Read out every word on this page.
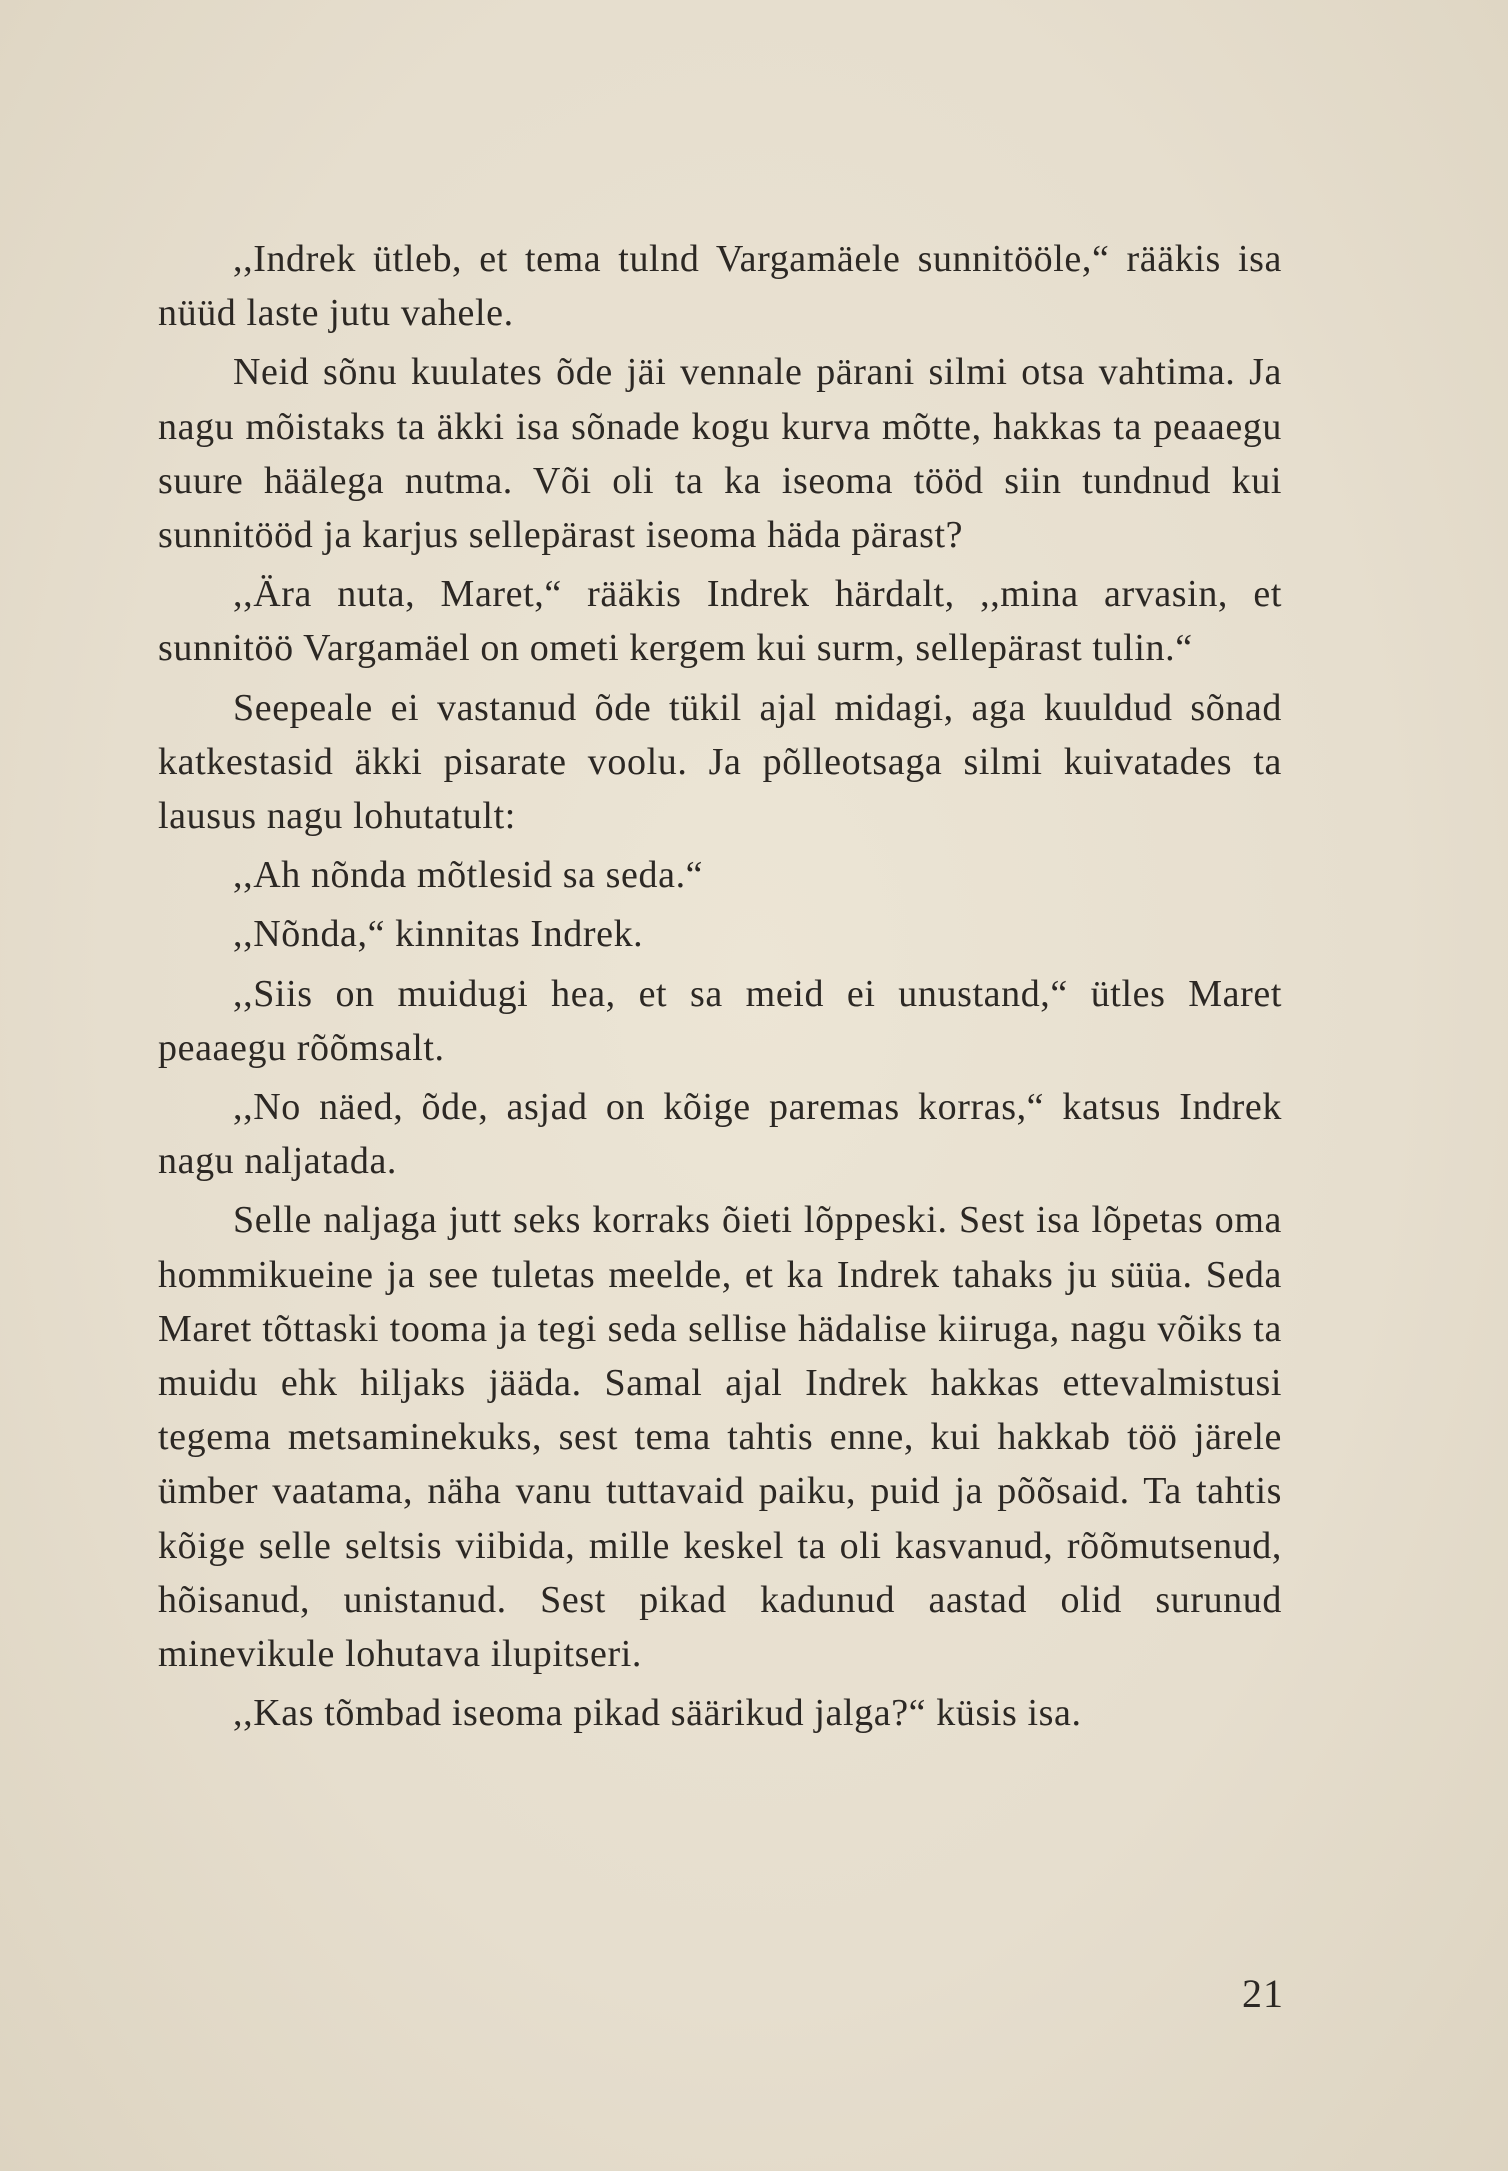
,,Indrek ütleb, et tema tulnd Vargamäele sunnitööle,“ rääkis isa nüüd laste jutu vahele.

Neid sõnu kuulates õde jäi vennale pärani silmi otsa vahtima. Ja nagu mõistaks ta äkki isa sõnade kogu kurva mõtte, hakkas ta peaaegu suure häälega nutma. Või oli ta ka iseoma tööd siin tundnud kui sunnitööd ja karjus sellepärast iseoma häda pärast?

,,Ära nuta, Maret,“ rääkis Indrek härdalt, ,,mina arvasin, et sunnitöö Vargamäel on ometi kergem kui surm, sellepärast tulin.“

Seepeale ei vastanud õde tükil ajal midagi, aga kuuldud sõnad katkestasid äkki pisarate voolu. Ja põlleotsaga silmi kuivatades ta lausus nagu lohutatult:

,,Ah nõnda mõtlesid sa seda.“

,,Nõnda,“ kinnitas Indrek.

,,Siis on muidugi hea, et sa meid ei unustand,“ ütles Maret peaaegu rõõmsalt.

,,No näed, õde, asjad on kõige paremas korras,“ katsus Indrek nagu naljatada.

Selle naljaga jutt seks korraks õieti lõppeski. Sest isa lõpetas oma hommikueine ja see tuletas meelde, et ka Indrek tahaks ju süüa. Seda Maret tõttaski tooma ja tegi seda sellise hädalise kiiruga, nagu võiks ta muidu ehk hiljaks jääda. Samal ajal Indrek hakkas ettevalmistusi tegema metsaminekuks, sest tema tahtis enne, kui hakkab töö järele ümber vaatama, näha vanu tuttavaid paiku, puid ja põõsaid. Ta tahtis kõige selle seltsis viibida, mille keskel ta oli kasvanud, rõõmutsenud, hõisanud, unistanud. Sest pikad kadunud aastad olid surunud minevikule lohutava ilupitseri.

,,Kas tõmbad iseoma pikad säärikud jalga?“ küsis isa.

21
